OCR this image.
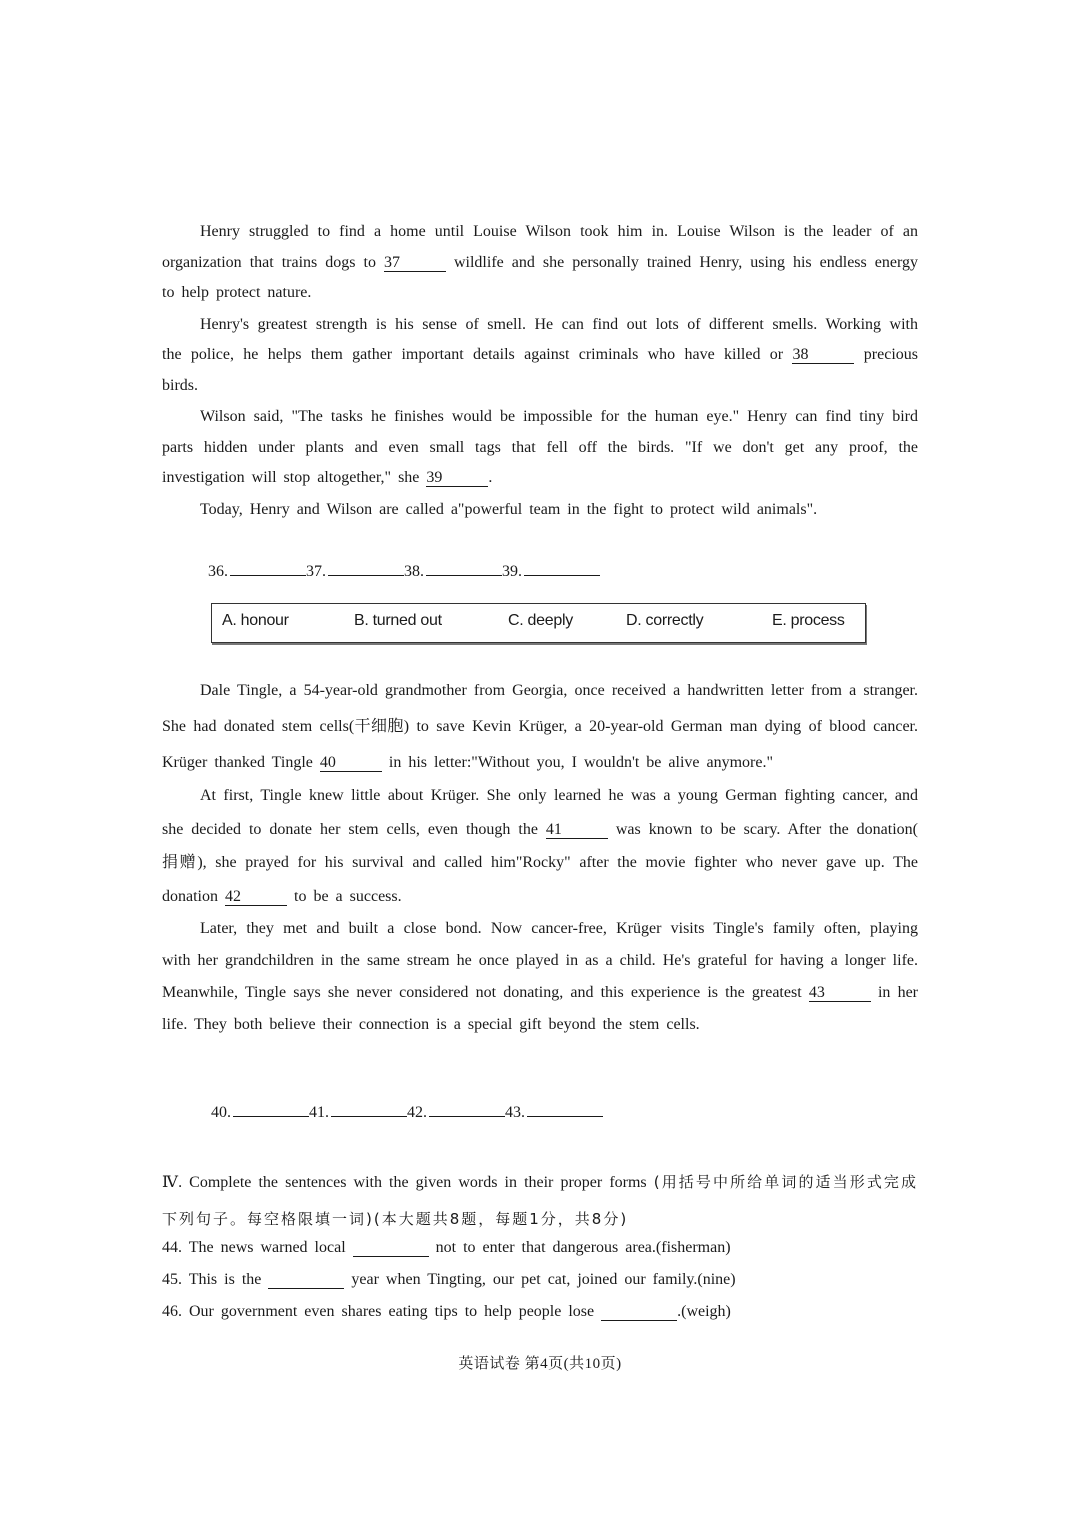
Henry struggled to find a home until Louise Wilson took him in. Louise Wilson is the leader of an organization that trains dogs to 37	wildlife and she personally trained Henry, using his endless energy to help protect nature.

Henry's greatest strength is his sense of smell. He can find out lots of different smells. Working with the police, he helps them gather important details against criminals who have killed or 38	precious birds.

Wilson said, "The tasks he finishes would be impossible for the human eye." Henry can find tiny bird parts hidden under plants and even small tags that fell off the birds. "If we don't get any proof, the investigation will stop altogether," she 39	.

Today, Henry and Wilson are called a"powerful team in the fight to protect wild animals".

36.	37.	38.	39.
A. honour	B. turned out	C. deeply	D. correctly	E. process

Dale Tingle, a 54-year-old grandmother from Georgia, once received a handwritten letter from a stranger. She had donated stem cells(干细胞) to save Kevin Krüger, a 20-year-old German man dying of blood cancer. Krüger thanked Tingle 40	in his letter:"Without you, I wouldn't be alive anymore."

At first, Tingle knew little about Krüger. She only learned he was a young German fighting cancer, and she decided to donate her stem cells, even though the 41	was known to be scary. After the donation( 捐赠), she prayed for his survival and called him"Rocky" after the movie fighter who never gave up. The donation 42	to be a success.

Later, they met and built a close bond. Now cancer-free, Krüger visits Tingle's family often, playing with her grandchildren in the same stream he once played in as a child. He's grateful for having a longer life. Meanwhile, Tingle says she never considered not donating, and this experience is the greatest 43	in her life. They both believe their connection is a special gift beyond the stem cells.

40.	41.	42.	43.
Ⅳ. Complete the sentences with the given words in their proper forms (用括号中所给单词的适当形式完成下列句子。每空格限填一词)(本大题共8题，每题1分，共8分)
44. The news warned local	not to enter that dangerous area.(fisherman)
45. This is the	year when Tingting, our pet cat, joined our family.(nine)
46. Our government even shares eating tips to help people lose	.(weigh)
英语试卷 第4页(共10页)
